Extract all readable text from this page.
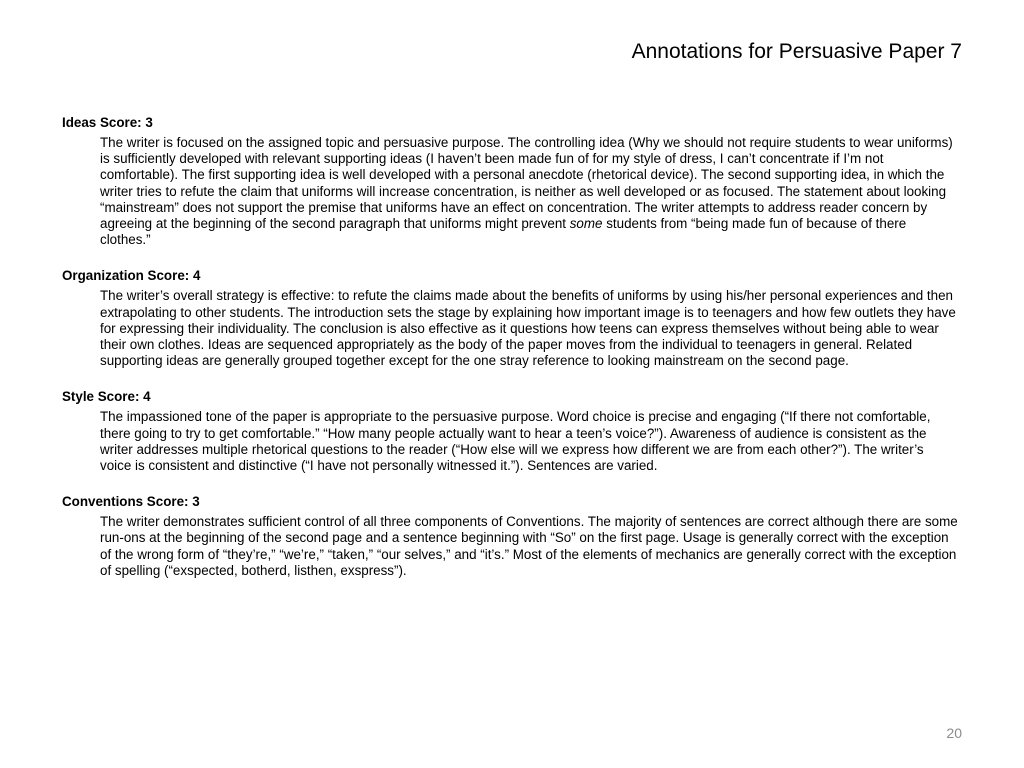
Annotations for Persuasive Paper 7
Ideas Score: 3
The writer is focused on the assigned topic and persuasive purpose. The controlling idea (Why we should not require students to wear uniforms) is sufficiently developed with relevant supporting ideas (I haven’t been made fun of for my style of dress, I can’t concentrate if I’m not comfortable). The first supporting idea is well developed with a personal anecdote (rhetorical device). The second supporting idea, in which the writer tries to refute the claim that uniforms will increase concentration, is neither as well developed or as focused. The statement about looking “mainstream” does not support the premise that uniforms have an effect on concentration. The writer attempts to address reader concern by agreeing at the beginning of the second paragraph that uniforms might prevent some students from “being made fun of because of there clothes.”
Organization Score: 4
The writer’s overall strategy is effective: to refute the claims made about the benefits of uniforms by using his/her personal experiences and then extrapolating to other students. The introduction sets the stage by explaining how important image is to teenagers and how few outlets they have for expressing their individuality. The conclusion is also effective as it questions how teens can express themselves without being able to wear their own clothes. Ideas are sequenced appropriately as the body of the paper moves from the individual to teenagers in general. Related supporting ideas are generally grouped together except for the one stray reference to looking mainstream on the second page.
Style Score: 4
The impassioned tone of the paper is appropriate to the persuasive purpose. Word choice is precise and engaging (“If there not comfortable, there going to try to get comfortable.” “How many people actually want to hear a teen’s voice?”). Awareness of audience is consistent as the writer addresses multiple rhetorical questions to the reader (“How else will we express how different we are from each other?”). The writer’s voice is consistent and distinctive (“I have not personally witnessed it.”). Sentences are varied.
Conventions Score: 3
The writer demonstrates sufficient control of all three components of Conventions. The majority of sentences are correct although there are some run-ons at the beginning of the second page and a sentence beginning with “So” on the first page. Usage is generally correct with the exception of the wrong form of “they’re,” “we’re,” “taken,” “our selves,” and “it’s.” Most of the elements of mechanics are generally correct with the exception of spelling (“exspected, botherd, listhen, exspress”).
20
